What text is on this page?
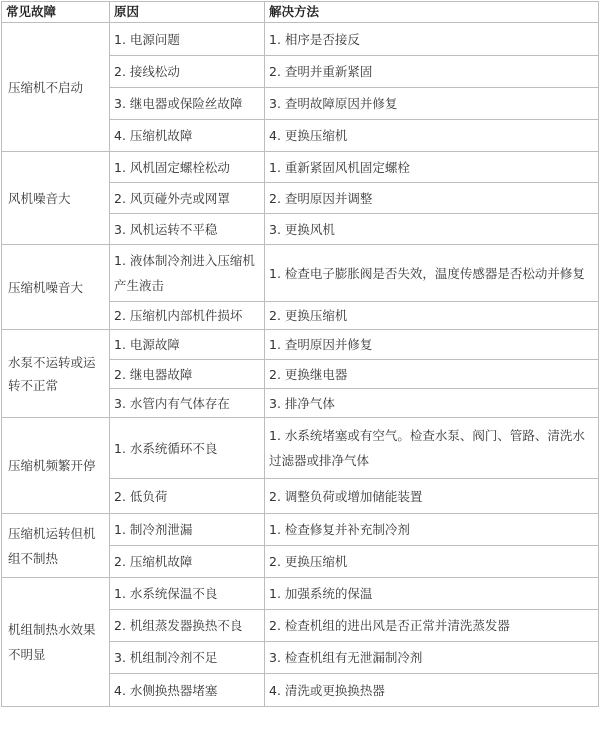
常见故障	原因	解决方法
压缩机不启动	1. 电源问题	1. 相序是否接反
	2. 接线松动	2. 查明并重新紧固
	3. 继电器或保险丝故障	3. 查明故障原因并修复
	4. 压缩机故障	4. 更换压缩机
风机噪音大	1. 风机固定螺栓松动	1. 重新紧固风机固定螺栓
	2. 风页碰外壳或网罩	2. 查明原因并调整
	3. 风机运转不平稳	3. 更换风机
压缩机噪音大	1. 液体制冷剂进入压缩机产生液击	1. 检查电子膨胀阀是否失效，温度传感器是否松动并修复
	2. 压缩机内部机件损坏	2. 更换压缩机
水泵不运转或运转不正常	1. 电源故障	1. 查明原因并修复
	2. 继电器故障	2. 更换继电器
	3. 水管内有气体存在	3. 排净气体
压缩机频繁开停	1. 水系统循环不良	1. 水系统堵塞或有空气。检查水泵、阀门、管路、清洗水过滤器或排净气体
	2. 低负荷	2. 调整负荷或增加储能装置
压缩机运转但机组不制热	1. 制冷剂泄漏	1. 检查修复并补充制冷剂
	2. 压缩机故障	2. 更换压缩机
机组制热水效果不明显	1. 水系统保温不良	1. 加强系统的保温
	2. 机组蒸发器换热不良	2. 检查机组的进出风是否正常并清洗蒸发器
	3. 机组制冷剂不足	3. 检查机组有无泄漏制冷剂
	4. 水侧换热器堵塞	4. 清洗或更换换热器
